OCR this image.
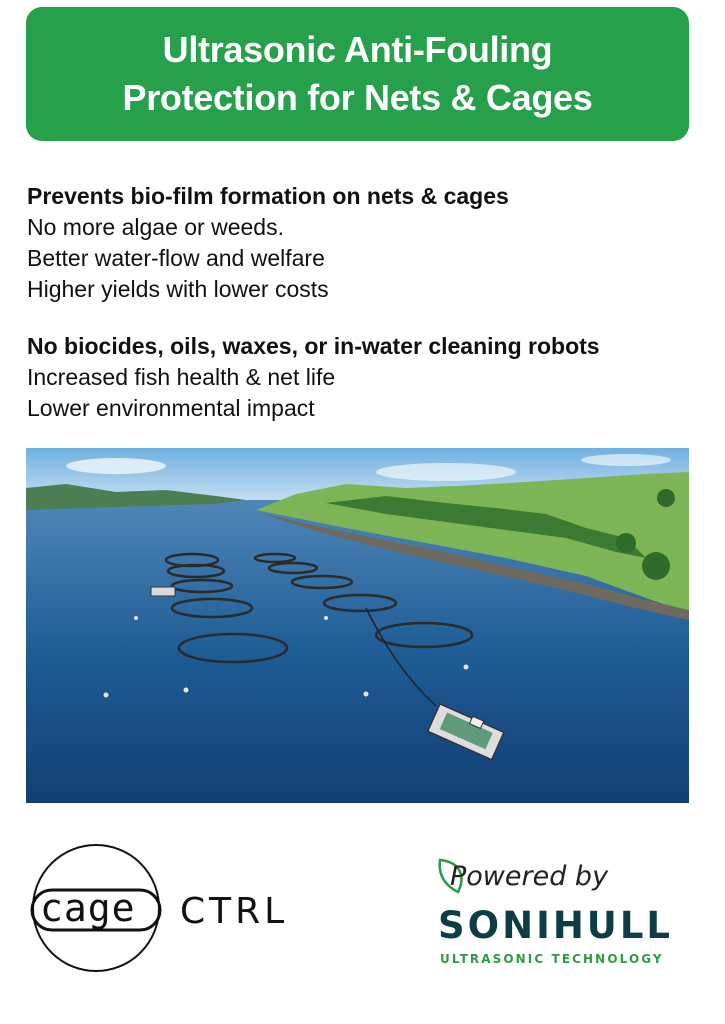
Ultrasonic Anti-Fouling
Protection for Nets & Cages
Prevents bio-film formation on nets & cages
No more algae or weeds.
Better water-flow and welfare
Higher yields with lower costs
No biocides, oils, waxes, or in-water cleaning robots
Increased fish health & net life
Lower environmental impact
cage CTRL
Powered by
SONIHULL
ULTRASONIC TECHNOLOGY
